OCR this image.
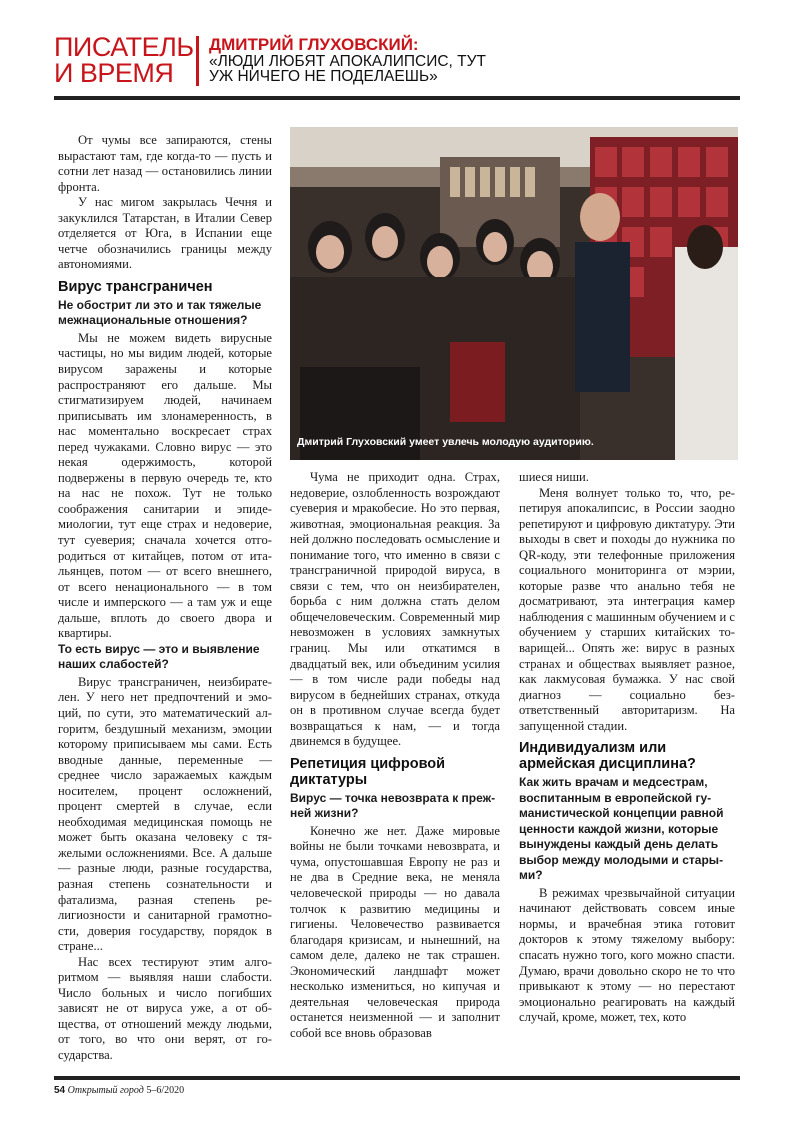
ПИСАТЕЛЬ
И ВРЕМЯ
ДМИТРИЙ ГЛУХОВСКИЙ:
«ЛЮДИ ЛЮБЯТ АПОКАЛИПСИС, ТУТ
УЖ НИЧЕГО НЕ ПОДЕЛАЕШЬ»

От чумы все запираются, стены вырастают там, где когда-то — пусть и сотни лет назад — остановились линии фронта.

У нас мигом закрылась Чечня и закуклился Татарстан, в Италии Север отделяется от Юга, в Испании еще четче обозначились границы между автономиями.

Вирус трансграничен

Не обострит ли это и так тяжелые межнациональные отношения?

Мы не можем видеть вирусные частицы, но мы видим людей, которые вирусом заражены и которые распространяют его дальше. Мы стигматизируем людей, начинаем приписывать им злонамеренность, в нас моментально воскресает страх перед чужаками. Словно вирус — это некая одержимость, которой подвержены в первую очередь те, кто на нас не похож. Тут не только соображения санитарии и эпидемиологии, тут еще страх и недоверие, тут суеверия; сначала хочется отгородиться от китайцев, потом от итальянцев, потом — от всего внешнего, от всего ненационального — в том числе и имперского — а там уж и еще дальше, вплоть до своего двора и квартиры.

То есть вирус — это и выявление наших слабостей?

Вирус трансграничен, неизбирателен. У него нет предпочтений и эмоций, по сути, это математический алгоритм, бездушный механизм, эмоции которому приписываем мы сами. Есть вводные данные, переменные — среднее число заражаемых каждым носителем, процент осложнений, процент смертей в случае, если необходимая медицинская помощь не может быть оказана человеку с тяжелыми осложнениями. Все. А дальше — разные люди, разные государства, разная степень сознательности и фатализма, разная степень религиозности и санитарной грамотности, доверия государству, порядок в стране...

Нас всех тестируют этим алгоритмом — выявляя наши слабости. Число больных и число погибших зависят не от вируса уже, а от общества, от отношений между людьми, от того, во что они верят, от государства.

Дмитрий Глуховский умеет увлечь молодую аудиторию.

Чума не приходит одна. Страх, недоверие, озлобленность возрождают суеверия и мракобесие. Но это первая, животная, эмоциональная реакция. За ней должно последовать осмысление и понимание того, что именно в связи с трансграничной природой вируса, в связи с тем, что он неизбирателен, борьба с ним должна стать делом общечеловеческим. Современный мир невозможен в условиях замкнутых границ. Мы или откатимся в двадцатый век, или объединим усилия — в том числе ради победы над вирусом в беднейших странах, откуда он в противном случае всегда будет возвращаться к нам, — и тогда двинемся в будущее.

Репетиция цифровой диктатуры

Вирус — точка невозврата к прежней жизни?

Конечно же нет. Даже мировые войны не были точками невозврата, и чума, опустошавшая Европу не раз и не два в Средние века, не меняла человеческой природы — но давала толчок к развитию медицины и гигиены. Человечество развивается благодаря кризисам, и нынешний, на самом деле, далеко не так страшен. Экономический ландшафт может несколько измениться, но кипучая и деятельная человеческая природа останется неизменной — и заполнит собой все вновь образовав

шиеся ниши.

Меня волнует только то, что, репетируя апокалипсис, в России заодно репетируют и цифровую диктатуру. Эти выходы в свет и походы до нужника по QR-коду, эти телефонные приложения социального мониторинга от мэрии, которые разве что анально тебя не досматривают, эта интеграция камер наблюдения с машинным обучением и с обучением у старших китайских товарищей... Опять же: вирус в разных странах и обществах выявляет разное, как лакмусовая бумажка. У нас свой диагноз — социально безответственный авторитаризм. На запущенной стадии.

Индивидуализм или армейская дисциплина?

Как жить врачам и медсестрам, воспитанным в европейской гуманистической концепции равной ценности каждой жизни, которые вынуждены каждый день делать выбор между молодыми и старыми?

В режимах чрезвычайной ситуации начинают действовать совсем иные нормы, и врачебная этика готовит докторов к этому тяжелому выбору: спасать нужно того, кого можно спасти. Думаю, врачи довольно скоро не то что привыкают к этому — но перестают эмоционально реагировать на каждый случай, кроме, может, тех, кото

54 Открытый город 5–6/2020
